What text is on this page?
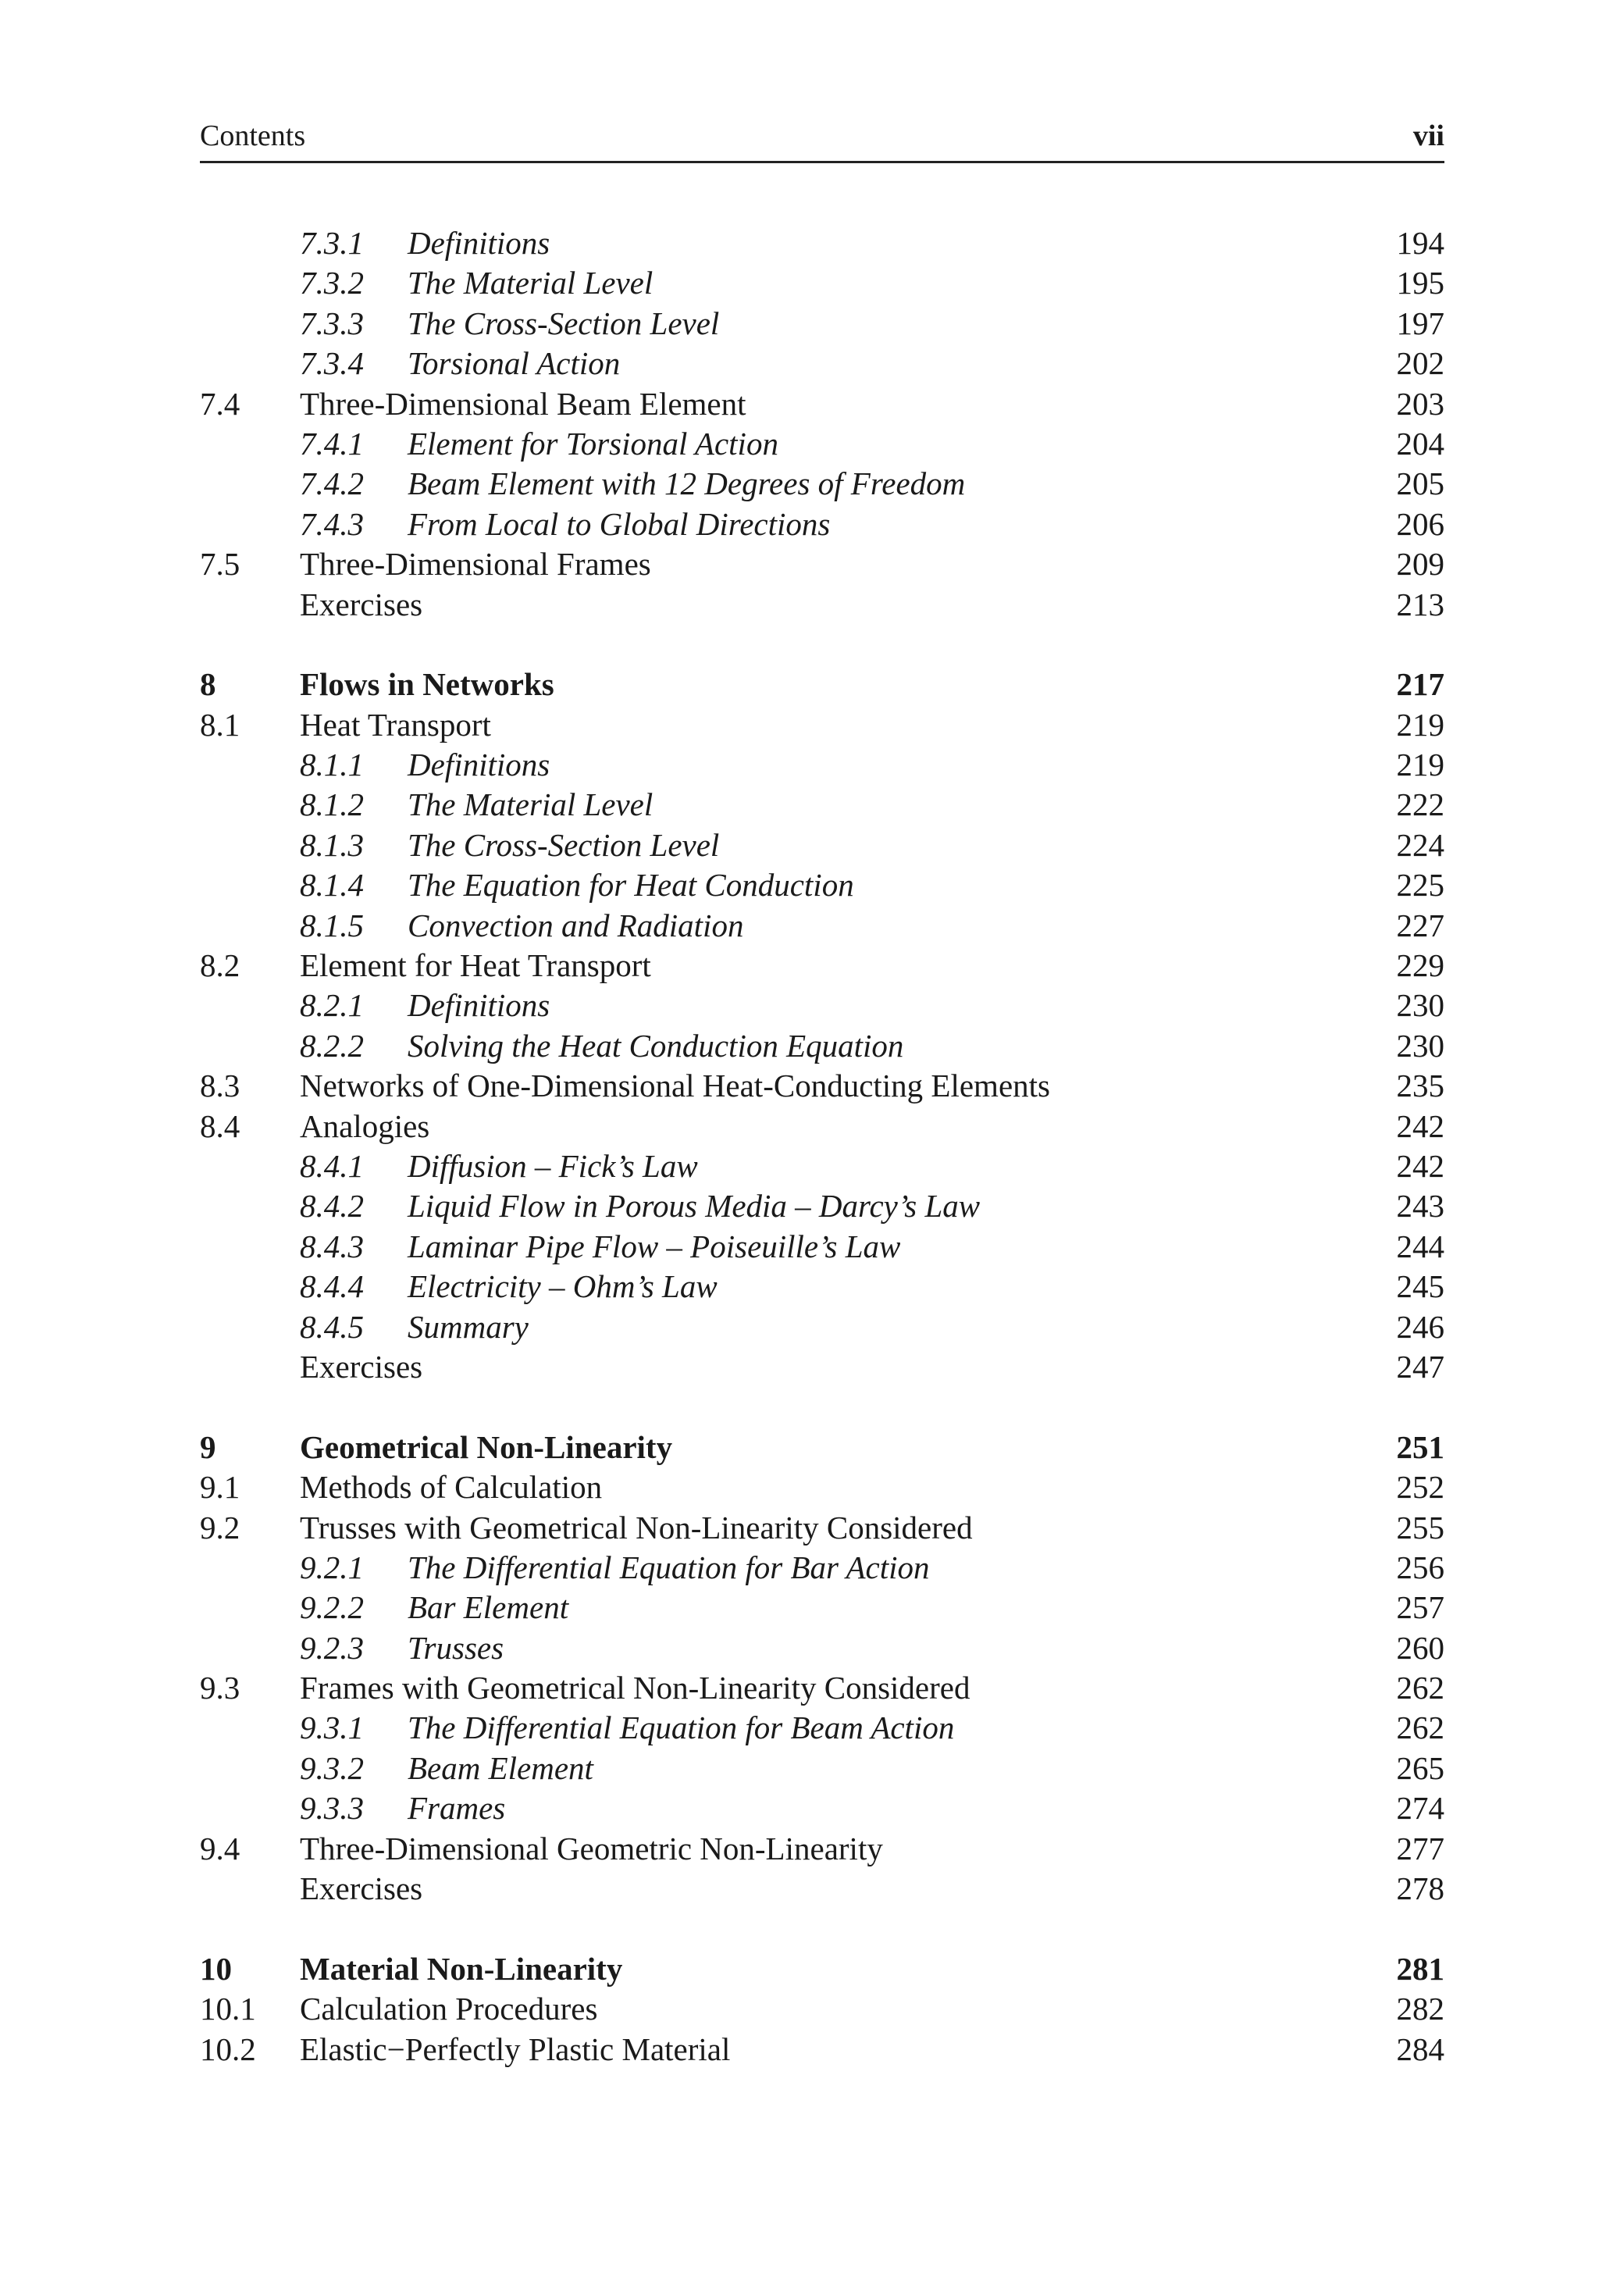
Contents	vii
7.3.1 Definitions	194
7.3.2 The Material Level	195
7.3.3 The Cross-Section Level	197
7.3.4 Torsional Action	202
7.4 Three-Dimensional Beam Element	203
7.4.1 Element for Torsional Action	204
7.4.2 Beam Element with 12 Degrees of Freedom	205
7.4.3 From Local to Global Directions	206
7.5 Three-Dimensional Frames	209
Exercises	213
8	Flows in Networks	217
8.1 Heat Transport	219
8.1.1 Definitions	219
8.1.2 The Material Level	222
8.1.3 The Cross-Section Level	224
8.1.4 The Equation for Heat Conduction	225
8.1.5 Convection and Radiation	227
8.2 Element for Heat Transport	229
8.2.1 Definitions	230
8.2.2 Solving the Heat Conduction Equation	230
8.3 Networks of One-Dimensional Heat-Conducting Elements	235
8.4 Analogies	242
8.4.1 Diffusion – Fick’s Law	242
8.4.2 Liquid Flow in Porous Media – Darcy’s Law	243
8.4.3 Laminar Pipe Flow – Poiseuille’s Law	244
8.4.4 Electricity – Ohm’s Law	245
8.4.5 Summary	246
Exercises	247
9	Geometrical Non-Linearity	251
9.1 Methods of Calculation	252
9.2 Trusses with Geometrical Non-Linearity Considered	255
9.2.1 The Differential Equation for Bar Action	256
9.2.2 Bar Element	257
9.2.3 Trusses	260
9.3 Frames with Geometrical Non-Linearity Considered	262
9.3.1 The Differential Equation for Beam Action	262
9.3.2 Beam Element	265
9.3.3 Frames	274
9.4 Three-Dimensional Geometric Non-Linearity	277
Exercises	278
10 Material Non-Linearity	281
10.1 Calculation Procedures	282
10.2 Elastic−Perfectly Plastic Material	284
